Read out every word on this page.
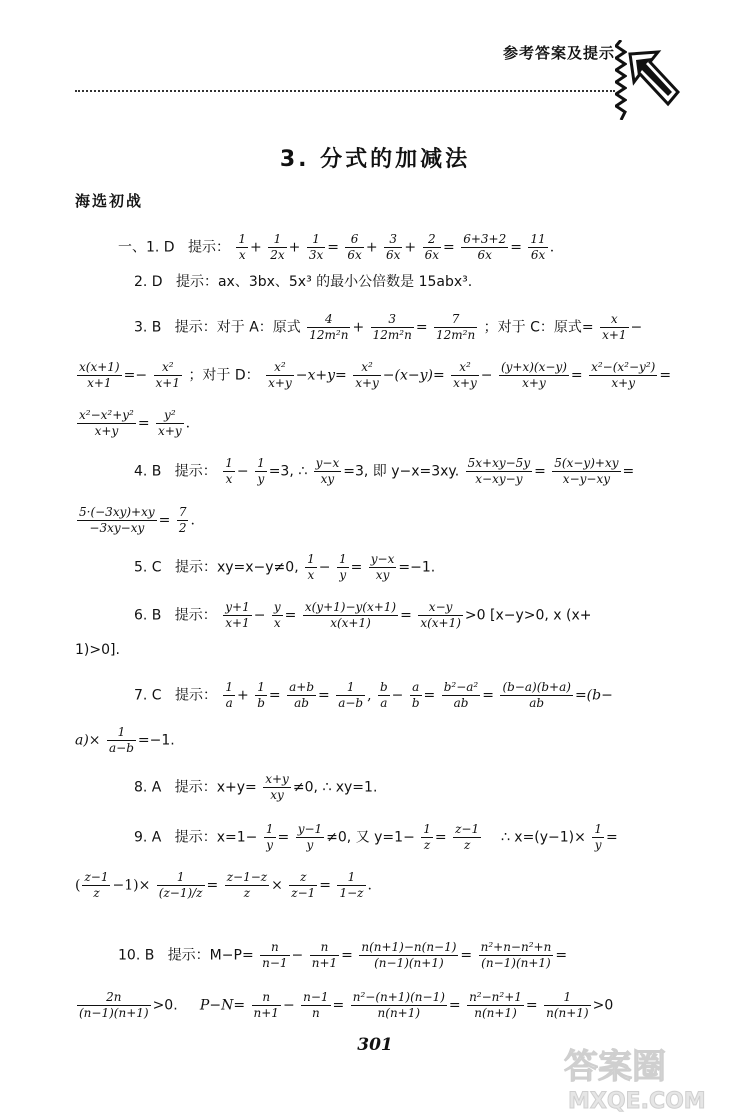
参考答案及提示
3. 分式的加减法
海选初战
一、1. D 提示： $\frac{1}{x} + \frac{1}{2x} + \frac{1}{3x} = \frac{6}{6x} + \frac{3}{6x} + \frac{2}{6x} = \frac{6+3+2}{6x} = \frac{11}{6x}$ .
2. D 提示：ax、3bx、5x³ 的最小公倍数是 15abx³.
3. B 提示：对于 A：原式 $\frac{4}{\text{12m²n}} + \frac{3}{\text{12m²n}} = \frac{7}{\text{12m²n}}$ ；对于 C：原式= $\frac{x}{x+1}$ −
$\frac{x(x+1)}{x+1} =- \frac{\text{x²}}{x+1}$ ；对于 D： $\frac{\text{x²}}{x+y} -x+y= \frac{\text{x²}}{x+y} -(x-y)= \frac{\text{x²}}{x+y} - \frac{(y+x)(x-y)}{x+y} = \frac{\text{x²−(x²−y²)}}{x+y}$ =
$\frac{\text{x²−x²+y²}}{x+y} = \frac{\text{y²}}{x+y}$ .
4. B 提示： $\frac{1}{x} - \frac{1}{y} =3$, ∴ $\frac{y-x}{xy} =3$, 即 y−x=3xy. $\frac{5x+xy-5y}{x-xy-y} = \frac{5(x-y)+xy}{x-y-xy}$ =
$\frac{5\cdot(-3xy)+xy}{-3xy-xy} = \frac{7}{2}$ .
5. C 提示：xy=x−y≠0, $\frac{1}{x} - \frac{1}{y} = \frac{y-x}{xy} =-1$.
6. B 提示： $\frac{y+1}{x+1} - \frac{y}{x} = \frac{x(y+1)-y(x+1)}{x(x+1)} = \frac{x-y}{x(x+1)} >0$ [x−y>0, x (x+
1)>0].
7. C 提示： $\frac{1}{a} + \frac{1}{b} = \frac{a+b}{ab} = \frac{1}{a-b}$ , $\frac{b}{a} - \frac{a}{b} = \frac{\text{b²−a²}}{ab} = \frac{(b-a)(b+a)}{ab} =(b-$
$a)\times \frac{1}{a-b} =-1$.
8. A 提示：$x+y= \frac{x+y}{xy} \ne 0$, ∴ xy=1.
9. A 提示：$x=1- \frac{1}{y} = \frac{y-1}{y} \ne 0$, 又 $y=1- \frac{1}{z} = \frac{z-1}{z}$ ∴ $x=(y-1)\times \frac{1}{y}$ =
( $\frac{z-1}{z} -1)\times \frac{1}{(z-1)/z} = \frac{z-1-z}{z} \times \frac{z}{z-1} = \frac{1}{1-z}$ .
10. B 提示：$M-P= \frac{n}{n-1} - \frac{n}{n+1} = \frac{n(n+1)-n(n-1)}{(n-1)(n+1)} = \frac{\text{n²+n−n²+n}}{(n-1)(n+1)}$ =
$\frac{2n}{(n-1)(n+1)} >0$. $P-N= \frac{n}{n+1} - \frac{n-1}{n} = \frac{\text{n²−(n+1)(n−1)}}{n(n+1)} = \frac{\text{n²−n²+1}}{n(n+1)} = \frac{1}{n(n+1)} >0$
301
答案圈
MXQE.COM
